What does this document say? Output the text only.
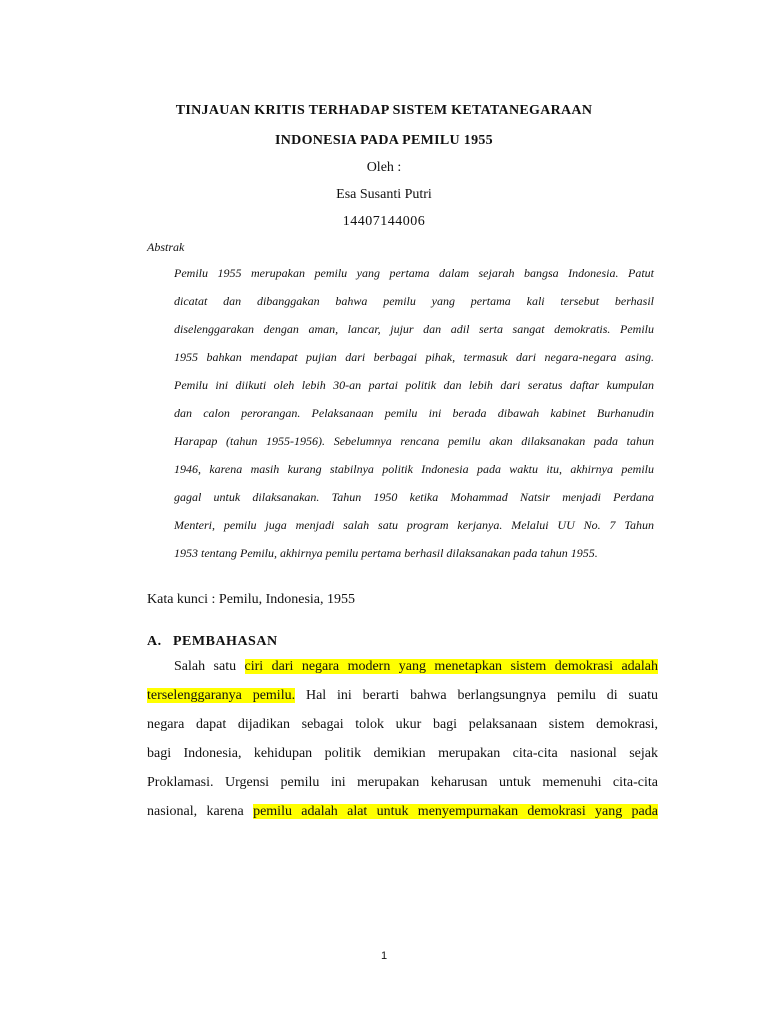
TINJAUAN KRITIS TERHADAP SISTEM KETATANEGARAAN
INDONESIA PADA PEMILU 1955
Oleh :
Esa Susanti Putri
14407144006
Abstrak
Pemilu 1955 merupakan pemilu yang pertama dalam sejarah bangsa Indonesia. Patut
dicatat dan dibanggakan bahwa pemilu yang pertama kali tersebut berhasil
diselenggarakan dengan aman, lancar, jujur dan adil serta sangat demokratis. Pemilu
1955 bahkan mendapat pujian dari berbagai pihak, termasuk dari negara-negara asing.
Pemilu ini diikuti oleh lebih 30-an partai politik dan lebih dari seratus daftar kumpulan
dan calon perorangan. Pelaksanaan pemilu ini berada dibawah kabinet Burhanudin
Harapap (tahun 1955-1956). Sebelumnya rencana pemilu akan dilaksanakan pada tahun
1946, karena masih kurang stabilnya politik Indonesia pada waktu itu, akhirnya pemilu
gagal untuk dilaksanakan. Tahun 1950 ketika Mohammad Natsir menjadi Perdana
Menteri, pemilu juga menjadi salah satu program kerjanya. Melalui UU No. 7 Tahun
1953 tentang Pemilu, akhirnya pemilu pertama berhasil dilaksanakan pada tahun 1955.
Kata kunci : Pemilu, Indonesia, 1955
A. PEMBAHASAN
Salah satu ciri dari negara modern yang menetapkan sistem demokrasi adalah
terselenggaranya pemilu. Hal ini berarti bahwa berlangsungnya pemilu di suatu
negara dapat dijadikan sebagai tolok ukur bagi pelaksanaan sistem demokrasi,
bagi Indonesia, kehidupan politik demikian merupakan cita-cita nasional sejak
Proklamasi. Urgensi pemilu ini merupakan keharusan untuk memenuhi cita-cita
nasional, karena pemilu adalah alat untuk menyempurnakan demokrasi yang pada
1
